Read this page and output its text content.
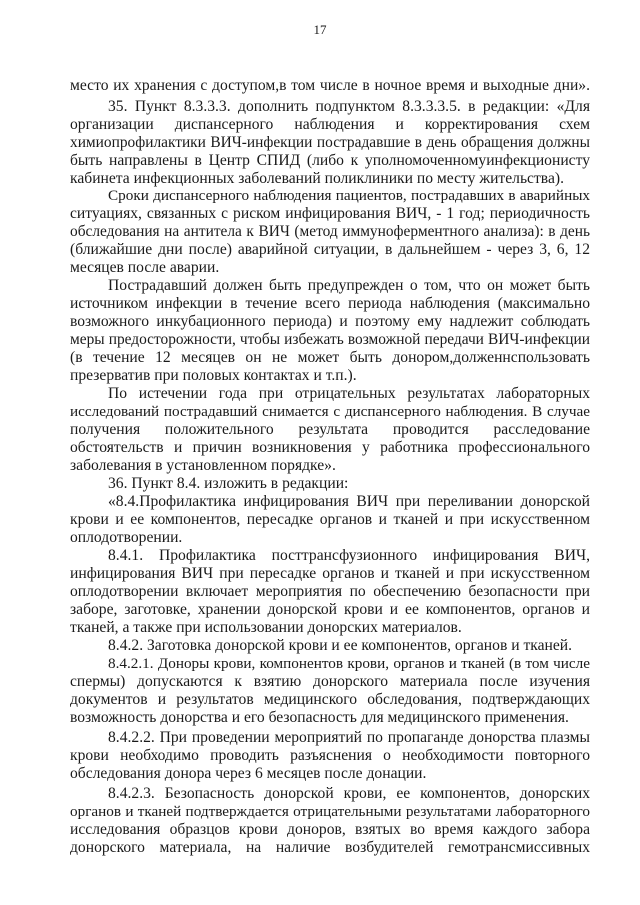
17
место их хранения с доступом,в том числе в ночное время и выходные дни».
35. Пункт 8.3.3.3. дополнить подпунктом 8.3.3.3.5. в редакции: «Для
организации диспансерного наблюдения и корректирования схем
химиопрофилактики ВИЧ-инфекции пострадавшие в день обращения должны
быть направлены в Центр СПИД (либо к уполномоченномуинфекционисту
кабинета инфекционных заболеваний поликлиники по месту жительства).
Сроки диспансерного наблюдения пациентов, пострадавших в аварийных
ситуациях, связанных с риском инфицирования ВИЧ, - 1 год; периодичность
обследования на антитела к ВИЧ (метод иммуноферментного анализа): в день
(ближайшие дни после) аварийной ситуации, в дальнейшем - через 3, 6, 12
месяцев после аварии.
Пострадавший должен быть предупрежден о том, что он может быть
источником инфекции в течение всего периода наблюдения (максимально
возможного инкубационного периода) и поэтому ему надлежит соблюдать
меры предосторожности, чтобы избежать возможной передачи ВИЧ-инфекции
(в течение 12 месяцев он не может быть донором,долженнспользовать
презерватив при половых контактах и т.п.).
По истечении года при отрицательных результатах лабораторных
исследований пострадавший снимается с диспансерного наблюдения. В случае
получения положительного результата проводится расследование
обстоятельств и причин возникновения у работника профессионального
заболевания в установленном порядке».
36. Пункт 8.4. изложить в редакции:
«8.4.Профилактика инфицирования ВИЧ при переливании донорской
крови и ее компонентов, пересадке органов и тканей и при искусственном
оплодотворении.
8.4.1. Профилактика посттрансфузионного инфицирования ВИЧ,
инфицирования ВИЧ при пересадке органов и тканей и при искусственном
оплодотворении включает мероприятия по обеспечению безопасности при
заборе, заготовке, хранении донорской крови и ее компонентов, органов и
тканей, а также при использовании донорских материалов.
8.4.2. Заготовка донорской крови и ее компонентов, органов и тканей.
8.4.2.1. Доноры крови, компонентов крови, органов и тканей (в том числе
спермы) допускаются к взятию донорского материала после изучения
документов и результатов медицинского обследования, подтверждающих
возможность донорства и его безопасность для медицинского применения.
8.4.2.2. При проведении мероприятий по пропаганде донорства плазмы
крови необходимо проводить разъяснения о необходимости повторного
обследования донора через 6 месяцев после донации.
8.4.2.3. Безопасность донорской крови, ее компонентов, донорских
органов и тканей подтверждается отрицательными результатами лабораторного
исследования образцов крови доноров, взятых во время каждого забора
донорского материала, на наличие возбудителей гемотрансмиссивных
